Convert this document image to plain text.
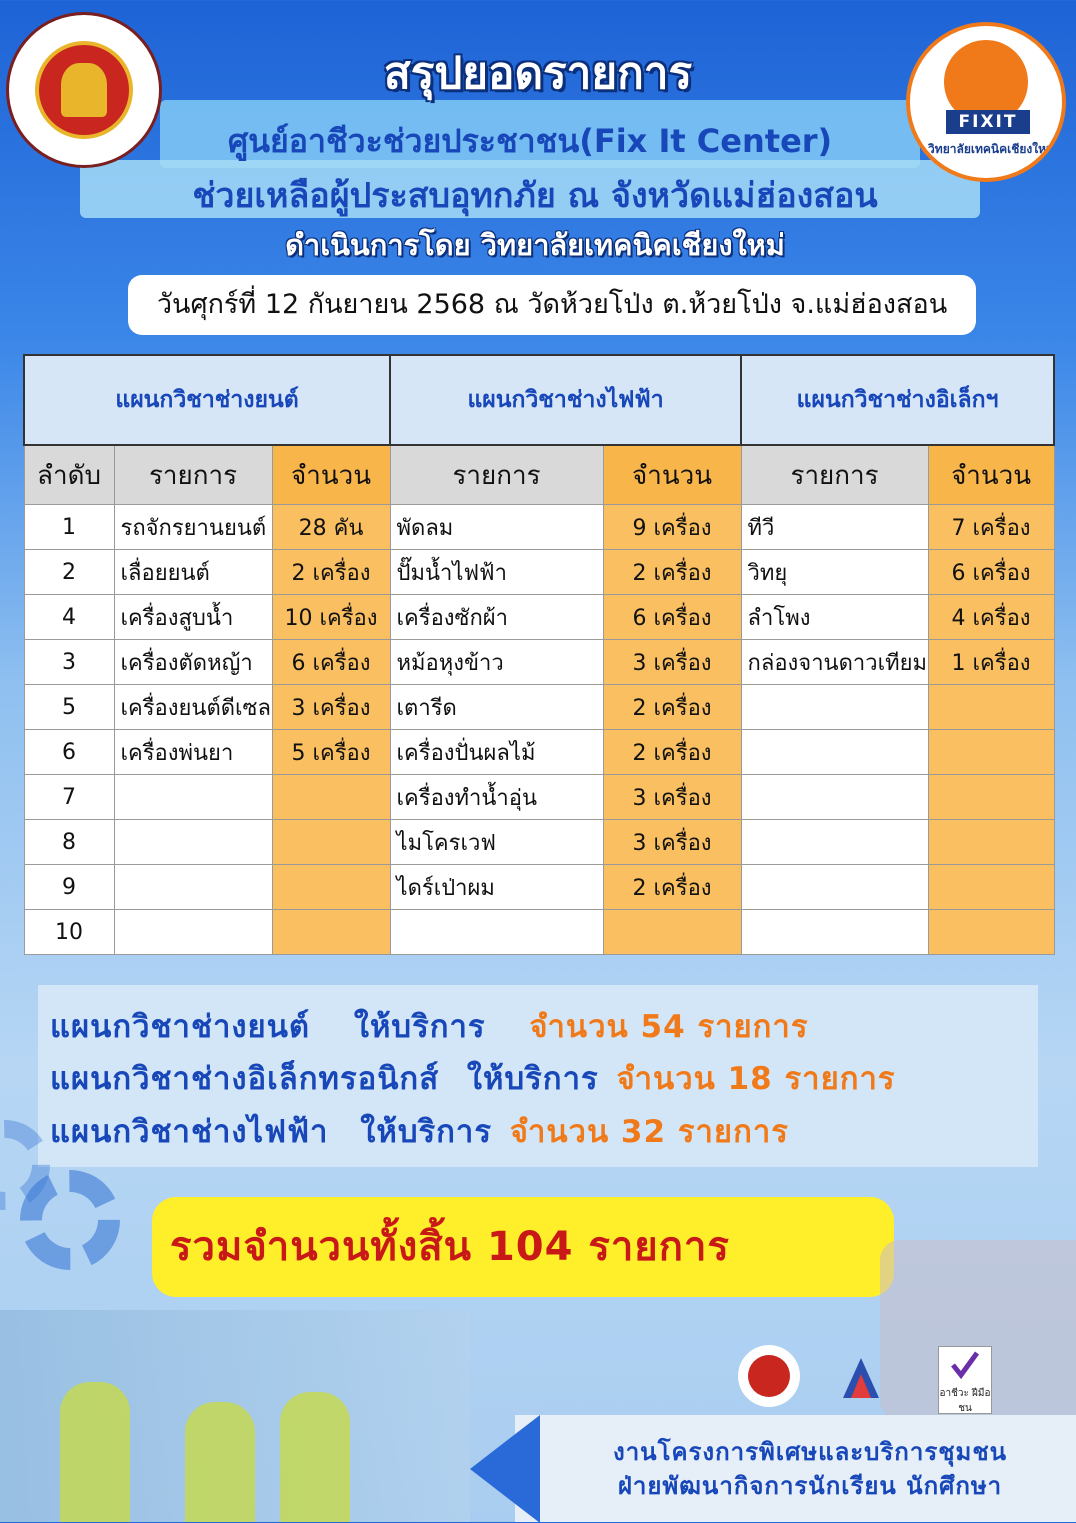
FIXIT
วิทยาลัยเทคนิคเชียงใหม่
สรุปยอดรายการ
ศูนย์อาชีวะช่วยประชาชน(Fix It Center)
ช่วยเหลือผู้ประสบอุทกภัย ณ จังหวัดแม่ฮ่องสอน
ดำเนินการโดย วิทยาลัยเทคนิคเชียงใหม่
วันศุกร์ที่ 12 กันยายน 2568 ณ วัดห้วยโป่ง ต.ห้วยโป่ง จ.แม่ฮ่องสอน
แผนกวิชาช่างยนต์			แผนกวิชาช่างไฟฟ้า		แผนกวิชาช่างอิเล็กฯ	
ลำดับ	รายการ	จำนวน	รายการ	จำนวน	รายการ	จำนวน
1	รถจักรยานยนต์	28 คัน	พัดลม	9 เครื่อง	ทีวี	7 เครื่อง
2	เลื่อยยนต์	2 เครื่อง	ปั๊มน้ำไฟฟ้า	2 เครื่อง	วิทยุ	6 เครื่อง
4	เครื่องสูบน้ำ	10 เครื่อง	เครื่องซักผ้า	6 เครื่อง	ลำโพง	4 เครื่อง
3	เครื่องตัดหญ้า	6 เครื่อง	หม้อหุงข้าว	3 เครื่อง	กล่องจานดาวเทียม	1 เครื่อง
5	เครื่องยนต์ดีเซล	3 เครื่อง	เตารีด	2 เครื่อง		
6	เครื่องพ่นยา	5 เครื่อง	เครื่องปั่นผลไม้	2 เครื่อง		
7			เครื่องทำน้ำอุ่น	3 เครื่อง		
8			ไมโครเวฟ	3 เครื่อง		
9			ไดร์เป่าผม	2 เครื่อง		
10						
แผนกวิชาช่างยนต์ ให้บริการ จำนวน 54 รายการ
แผนกวิชาช่างอิเล็กทรอนิกส์ ให้บริการ จำนวน 18 รายการ
แผนกวิชาช่างไฟฟ้า ให้บริการ จำนวน 32 รายการ
รวมจำนวนทั้งสิ้น 104 รายการ
อาชีวะ ฝีมือชน
งานโครงการพิเศษและบริการชุมชน
ฝ่ายพัฒนากิจการนักเรียน นักศึกษา
